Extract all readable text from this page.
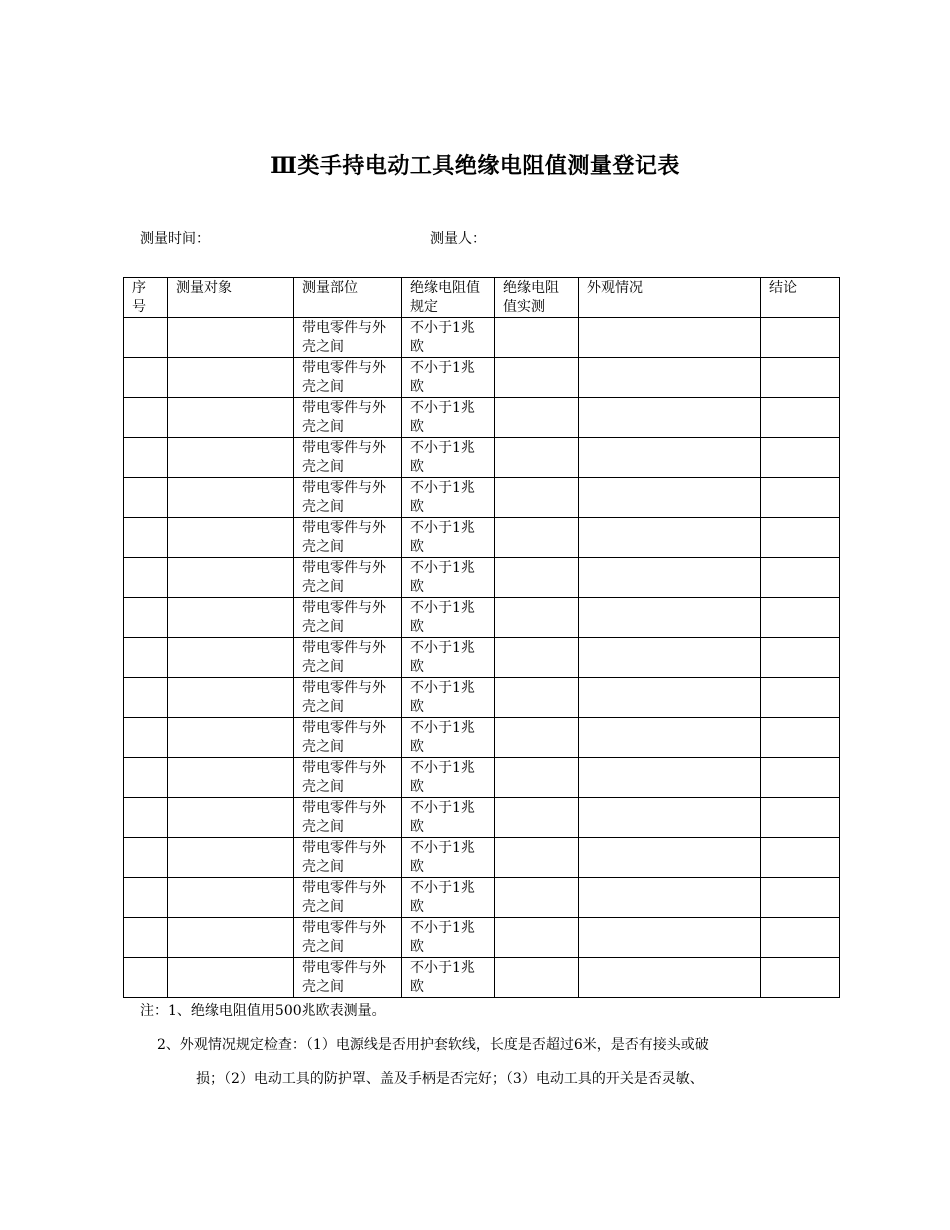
Ⅲ类手持电动工具绝缘电阻值测量登记表
测量时间：	测量人：
序号	测量对象	测量部位	绝缘电阻值规定	绝缘电阻值实测	外观情况	结论
		带电零件与外壳之间	不小于1兆欧			
		带电零件与外壳之间	不小于1兆欧			
		带电零件与外壳之间	不小于1兆欧			
		带电零件与外壳之间	不小于1兆欧			
		带电零件与外壳之间	不小于1兆欧			
		带电零件与外壳之间	不小于1兆欧			
		带电零件与外壳之间	不小于1兆欧			
		带电零件与外壳之间	不小于1兆欧			
		带电零件与外壳之间	不小于1兆欧			
		带电零件与外壳之间	不小于1兆欧			
		带电零件与外壳之间	不小于1兆欧			
		带电零件与外壳之间	不小于1兆欧			
		带电零件与外壳之间	不小于1兆欧			
		带电零件与外壳之间	不小于1兆欧			
		带电零件与外壳之间	不小于1兆欧			
		带电零件与外壳之间	不小于1兆欧			
		带电零件与外壳之间	不小于1兆欧			
注：1、绝缘电阻值用500兆欧表测量。
2、外观情况规定检查：（1）电源线是否用护套软线，长度是否超过6米，是否有接头或破
损；（2）电动工具的防护罩、盖及手柄是否完好；（3）电动工具的开关是否灵敏、
